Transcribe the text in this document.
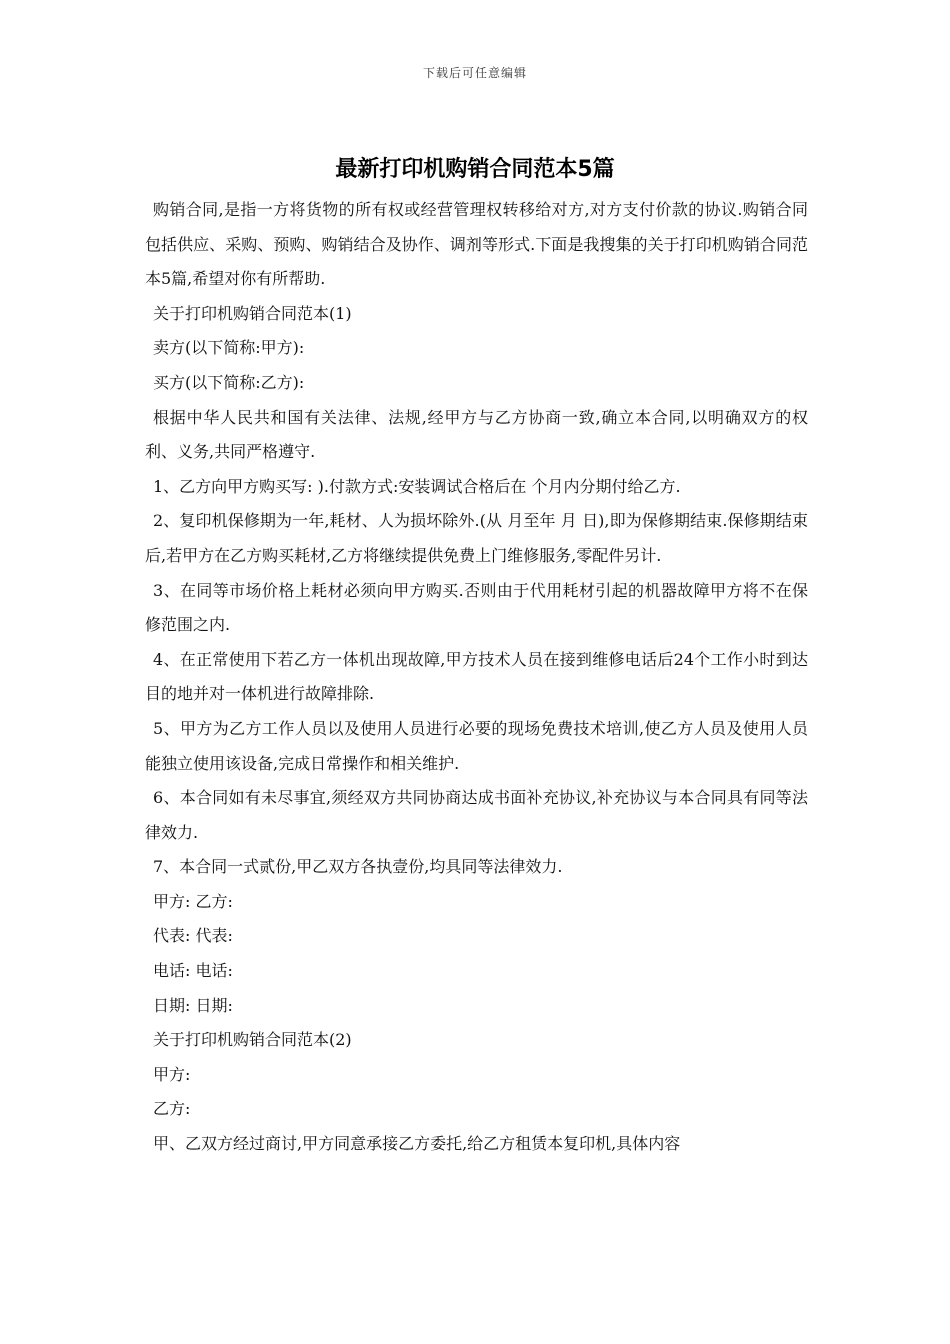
下载后可任意编辑
最新打印机购销合同范本5篇

购销合同,是指一方将货物的所有权或经营管理权转移给对方,对方支付价款的协议.购销合同包括供应、采购、预购、购销结合及协作、调剂等形式.下面是我搜集的关于打印机购销合同范本5篇,希望对你有所帮助.

关于打印机购销合同范本(1)

卖方(以下简称:甲方):

买方(以下简称:乙方):

根据中华人民共和国有关法律、法规,经甲方与乙方协商一致,确立本合同,以明确双方的权利、义务,共同严格遵守.

1、乙方向甲方购买写: ).付款方式:安装调试合格后在 个月内分期付给乙方.

2、复印机保修期为一年,耗材、人为损坏除外.(从 月至年 月 日),即为保修期结束.保修期结束后,若甲方在乙方购买耗材,乙方将继续提供免费上门维修服务,零配件另计.

3、在同等市场价格上耗材必须向甲方购买.否则由于代用耗材引起的机器故障甲方将不在保修范围之内.

4、在正常使用下若乙方一体机出现故障,甲方技术人员在接到维修电话后24个工作小时到达目的地并对一体机进行故障排除.

5、甲方为乙方工作人员以及使用人员进行必要的现场免费技术培训,使乙方人员及使用人员能独立使用该设备,完成日常操作和相关维护.

6、本合同如有未尽事宜,须经双方共同协商达成书面补充协议,补充协议与本合同具有同等法律效力.

7、本合同一式贰份,甲乙双方各执壹份,均具同等法律效力.

甲方: 乙方:

代表: 代表:

电话: 电话:

日期: 日期:

关于打印机购销合同范本(2)

甲方:

乙方:

甲、乙双方经过商讨,甲方同意承接乙方委托,给乙方租赁本复印机,具体内容
